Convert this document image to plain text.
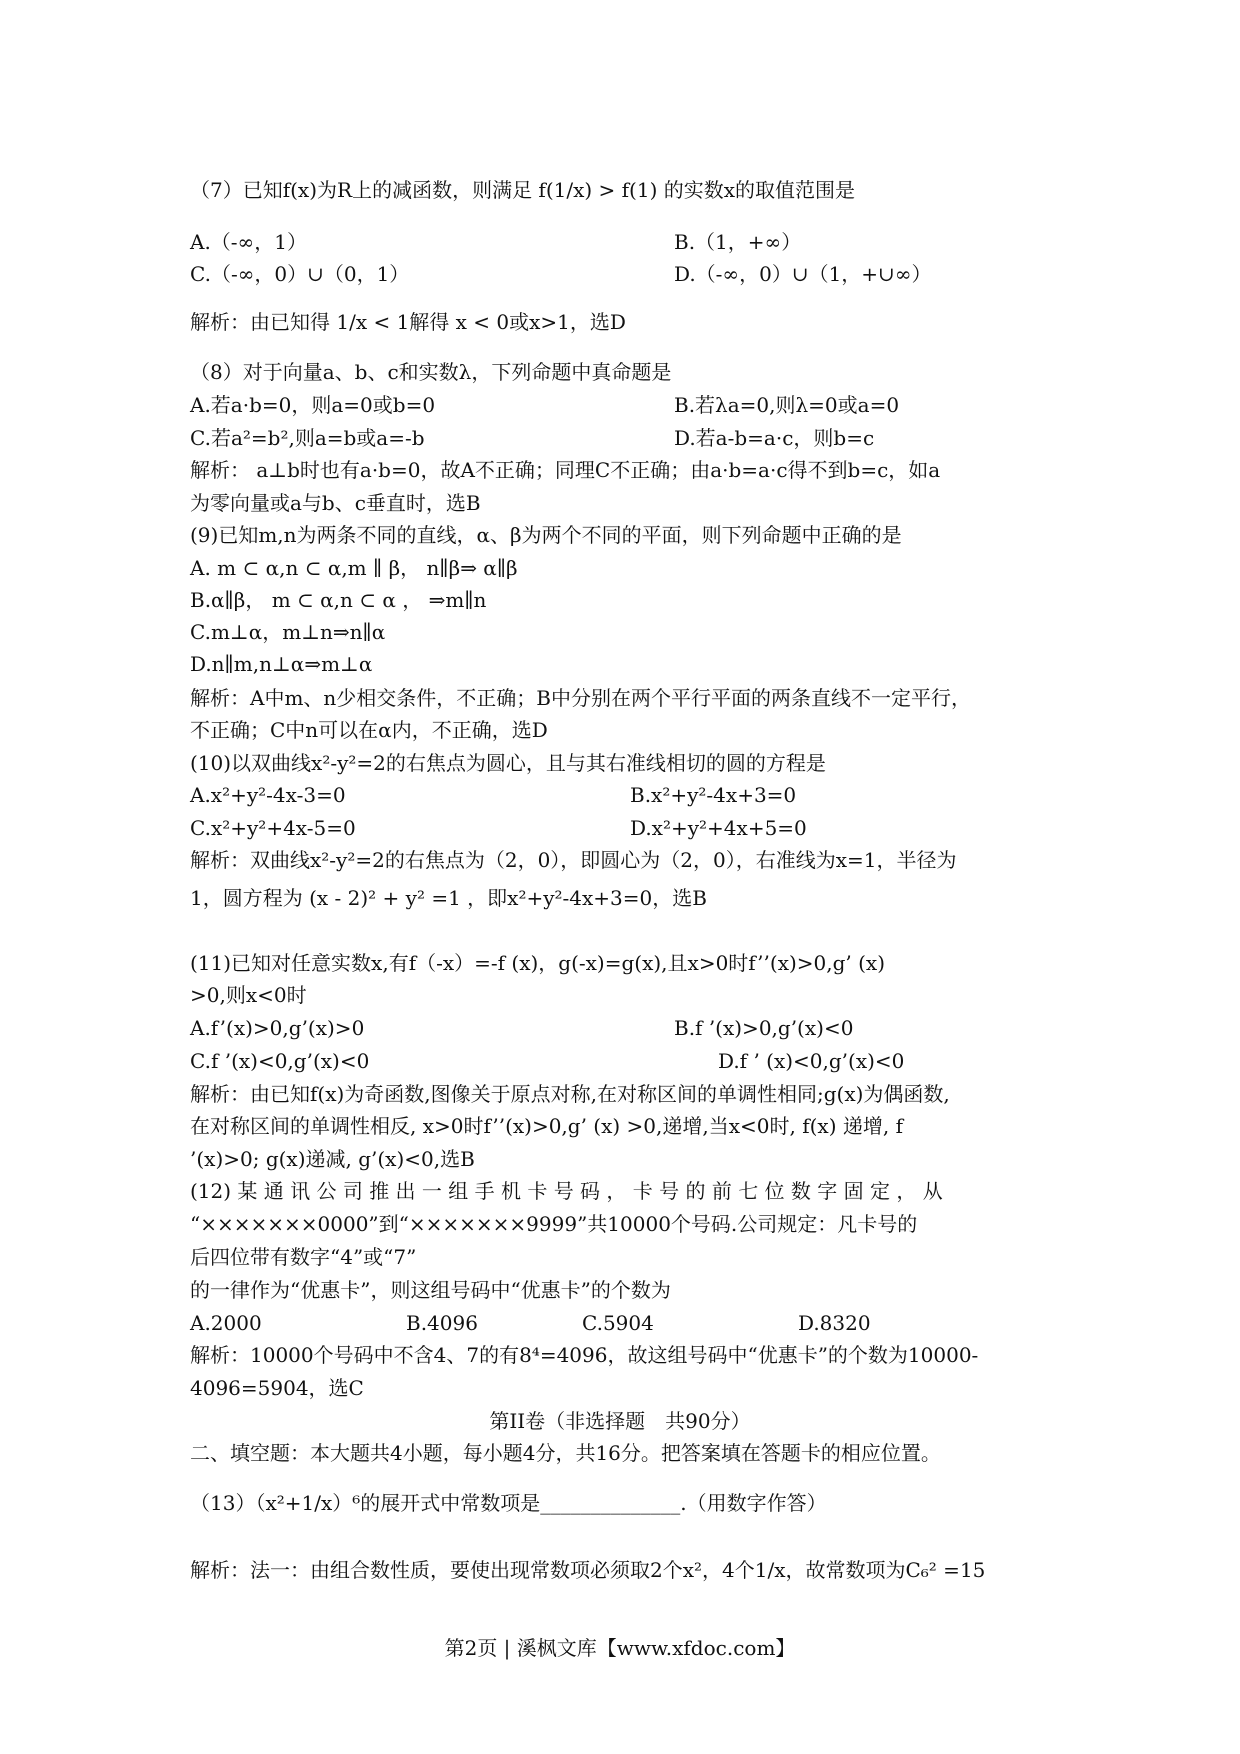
（7）已知f(x)为R上的减函数，则满足 f(1/x) > f(1) 的实数x的取值范围是
A.（-∞，1）	B.（1，+∞）
C.（-∞，0）∪（0，1）	D.（-∞，0）∪（1，+∪∞）
解析：由已知得 1/x < 1解得 x < 0或x>1，选D
（8）对于向量a、b、c和实数λ，下列命题中真命题是
A.若a·b=0，则a=0或b=0	B.若λa=0,则λ=0或a=0
C.若a²=b²,则a=b或a=-b	D.若a-b=a·c，则b=c
解析： a⊥b时也有a·b=0，故A不正确；同理C不正确；由a·b=a·c得不到b=c，如a
为零向量或a与b、c垂直时，选B
(9)已知m,n为两条不同的直线，α、β为两个不同的平面，则下列命题中正确的是
A. m ⊂ α,n ⊂ α,m ∥ β， n∥β⇒ α∥β
B.α∥β， m ⊂ α,n ⊂ α ， ⇒m∥n
C.m⊥α，m⊥n⇒n∥α
D.n∥m,n⊥α⇒m⊥α
解析：A中m、n少相交条件，不正确；B中分别在两个平行平面的两条直线不一定平行，
不正确；C中n可以在α内，不正确，选D
(10)以双曲线x²-y²=2的右焦点为圆心，且与其右准线相切的圆的方程是
A.x²+y²-4x-3=0	B.x²+y²-4x+3=0
C.x²+y²+4x-5=0	D.x²+y²+4x+5=0
解析：双曲线x²-y²=2的右焦点为（2，0），即圆心为（2，0），右准线为x=1，半径为
1，圆方程为 (x - 2)² + y² =1 ，即x²+y²-4x+3=0，选B
(11)已知对任意实数x,有f（-x）=-f (x)，g(-x)=g(x),且x>0时f’’(x)>0,g’ (x)
>0,则x<0时
A.f’(x)>0,g’(x)>0	B.f ’(x)>0,g’(x)<0
C.f ’(x)<0,g’(x)<0	D.f ’ (x)<0,g’(x)<0
解析：由已知f(x)为奇函数,图像关于原点对称,在对称区间的单调性相同;g(x)为偶函数,
在对称区间的单调性相反, x>0时f’’(x)>0,g’ (x) >0,递增,当x<0时, f(x) 递增, f
’(x)>0; g(x)递减, g’(x)<0,选B
(12) 某 通 讯 公 司 推 出 一 组 手 机 卡 号 码 ， 卡 号 的 前 七 位 数 字 固 定 ， 从
“×××××××0000”到“×××××××9999”共10000个号码.公司规定：凡卡号的
后四位带有数字“4”或“7”
的一律作为“优惠卡”，则这组号码中“优惠卡”的个数为
A.2000	B.4096	C.5904	D.8320
解析：10000个号码中不含4、7的有8⁴=4096，故这组号码中“优惠卡”的个数为10000-
4096=5904，选C
第II卷（非选择题　共90分）
二、填空题：本大题共4小题，每小题4分，共16分。把答案填在答题卡的相应位置。
（13）（x²+1/x）⁶的展开式中常数项是______________.（用数字作答）
解析：法一：由组合数性质，要使出现常数项必须取2个x²，4个1/x，故常数项为C₆² =15
第2页 | 溪枫文库【www.xfdoc.com】
